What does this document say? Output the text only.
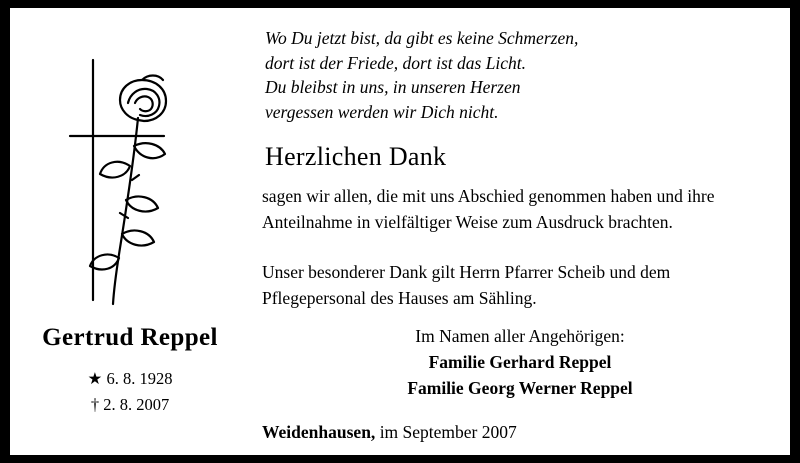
Gertrud Reppel
★ 6. 8. 1928
† 2. 8. 2007
Wo Du jetzt bist, da gibt es keine Schmerzen,
dort ist der Friede, dort ist das Licht.
Du bleibst in uns, in unseren Herzen
vergessen werden wir Dich nicht.
Herzlichen Dank
sagen wir allen, die mit uns Abschied genommen haben und ihre Anteilnahme in vielfältiger Weise zum Ausdruck brachten.
Unser besonderer Dank gilt Herrn Pfarrer Scheib und dem Pflegepersonal des Hauses am Sähling.
Im Namen aller Angehörigen:
Familie Gerhard Reppel
Familie Georg Werner Reppel
Weidenhausen, im September 2007
